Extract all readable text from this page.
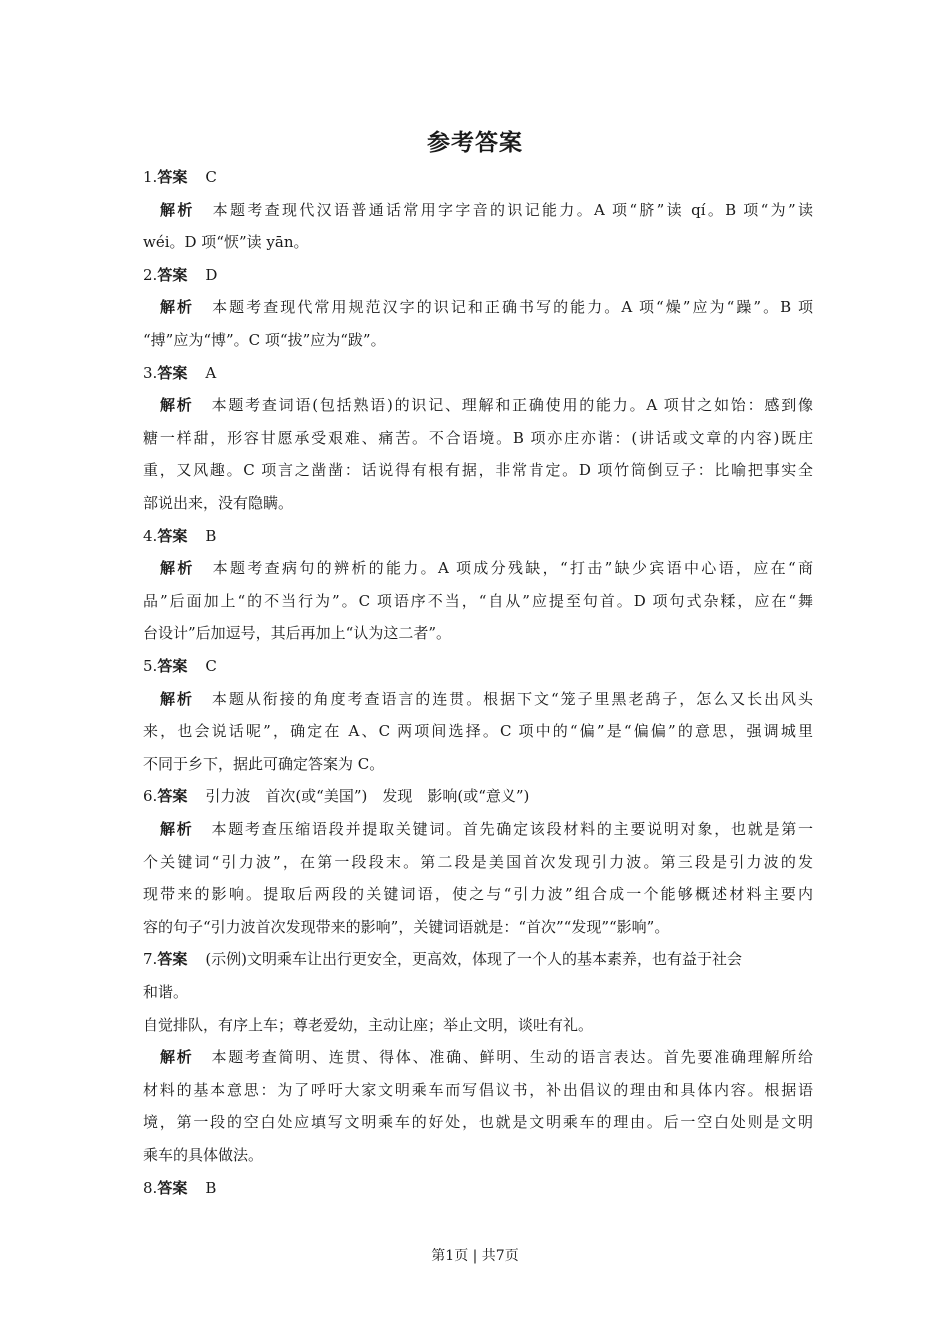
参考答案
1.答案 C
解析 本题考查现代汉语普通话常用字字音的识记能力。A 项“脐”读 qí。B 项“为”读
wéi。D 项“恹”读 yān。
2.答案 D
解析 本题考查现代常用规范汉字的识记和正确书写的能力。A 项“燥”应为“躁”。B 项
“搏”应为“博”。C 项“拔”应为“跋”。
3.答案 A
解析 本题考查词语(包括熟语)的识记、理解和正确使用的能力。A 项甘之如饴：感到像
糖一样甜，形容甘愿承受艰难、痛苦。不合语境。B 项亦庄亦谐：(讲话或文章的内容)既庄
重，又风趣。C 项言之凿凿：话说得有根有据，非常肯定。D 项竹筒倒豆子：比喻把事实全
部说出来，没有隐瞒。
4.答案 B
解析 本题考查病句的辨析的能力。A 项成分残缺，“打击”缺少宾语中心语，应在“商
品”后面加上“的不当行为”。C 项语序不当，“自从”应提至句首。D 项句式杂糅，应在“舞
台设计”后加逗号，其后再加上“认为这二者”。
5.答案 C
解析 本题从衔接的角度考查语言的连贯。根据下文“笼子里黑老鸹子，怎么又长出风头
来，也会说话呢”，确定在 A、C 两项间选择。C 项中的“偏”是“偏偏”的意思，强调城里
不同于乡下，据此可确定答案为 C。
6.答案 引力波　首次(或“美国”)　发现　影响(或“意义”)
解析 本题考查压缩语段并提取关键词。首先确定该段材料的主要说明对象，也就是第一
个关键词“引力波”，在第一段段末。第二段是美国首次发现引力波。第三段是引力波的发
现带来的影响。提取后两段的关键词语，使之与“引力波”组合成一个能够概述材料主要内
容的句子“引力波首次发现带来的影响”，关键词语就是：“首次”“发现”“影响”。
7.答案 (示例)文明乘车让出行更安全，更高效，体现了一个人的基本素养，也有益于社会
和谐。
自觉排队，有序上车；尊老爱幼，主动让座；举止文明，谈吐有礼。
解析 本题考查简明、连贯、得体、准确、鲜明、生动的语言表达。首先要准确理解所给
材料的基本意思：为了呼吁大家文明乘车而写倡议书，补出倡议的理由和具体内容。根据语
境，第一段的空白处应填写文明乘车的好处，也就是文明乘车的理由。后一空白处则是文明
乘车的具体做法。
8.答案 B
第1页 | 共7页
